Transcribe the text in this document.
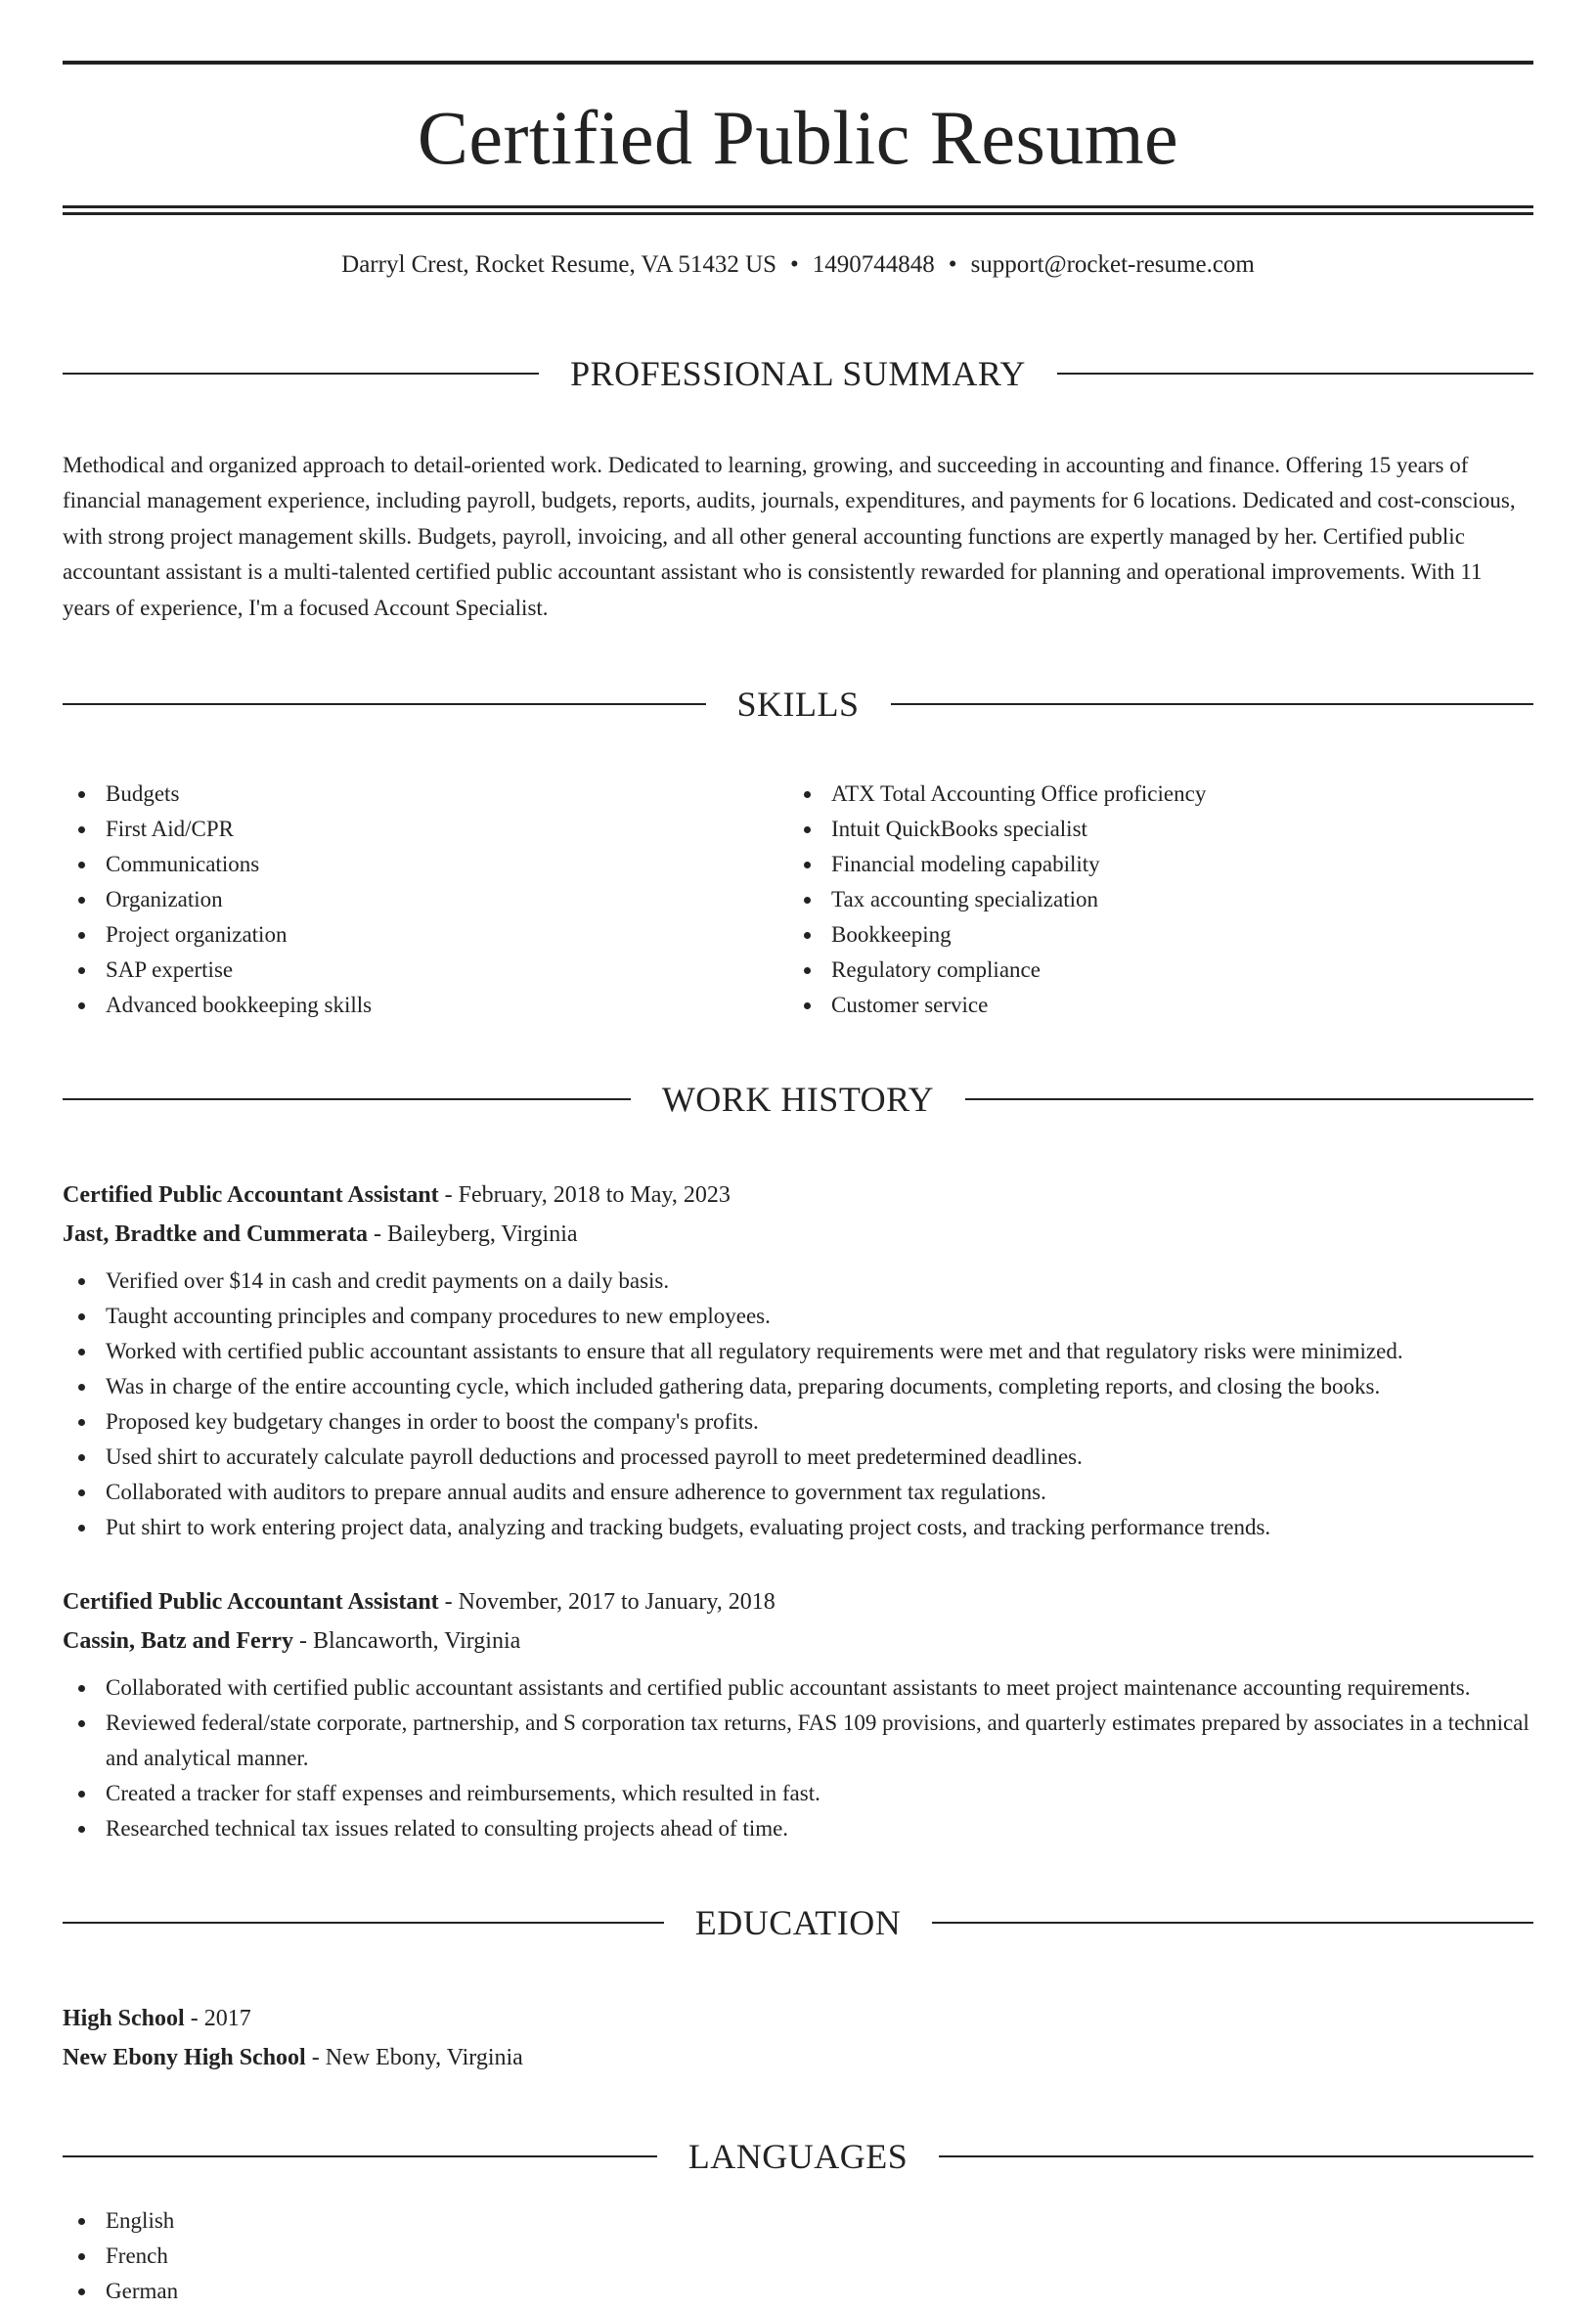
Certified Public Resume
Darryl Crest, Rocket Resume, VA 51432 US • 1490744848 • support@rocket-resume.com
PROFESSIONAL SUMMARY

Methodical and organized approach to detail-oriented work. Dedicated to learning, growing, and succeeding in accounting and finance. Offering 15 years of financial management experience, including payroll, budgets, reports, audits, journals, expenditures, and payments for 6 locations. Dedicated and cost-conscious, with strong project management skills. Budgets, payroll, invoicing, and all other general accounting functions are expertly managed by her. Certified public accountant assistant is a multi-talented certified public accountant assistant who is consistently rewarded for planning and operational improvements. With 11 years of experience, I'm a focused Account Specialist.

SKILLS
Budgets
First Aid/CPR
Communications
Organization
Project organization
SAP expertise
Advanced bookkeeping skills
ATX Total Accounting Office proficiency
Intuit QuickBooks specialist
Financial modeling capability
Tax accounting specialization
Bookkeeping
Regulatory compliance
Customer service
WORK HISTORY
Certified Public Accountant Assistant - February, 2018 to May, 2023
Jast, Bradtke and Cummerata - Baileyberg, Virginia
Verified over $14 in cash and credit payments on a daily basis.
Taught accounting principles and company procedures to new employees.
Worked with certified public accountant assistants to ensure that all regulatory requirements were met and that regulatory risks were minimized.
Was in charge of the entire accounting cycle, which included gathering data, preparing documents, completing reports, and closing the books.
Proposed key budgetary changes in order to boost the company's profits.
Used shirt to accurately calculate payroll deductions and processed payroll to meet predetermined deadlines.
Collaborated with auditors to prepare annual audits and ensure adherence to government tax regulations.
Put shirt to work entering project data, analyzing and tracking budgets, evaluating project costs, and tracking performance trends.
Certified Public Accountant Assistant - November, 2017 to January, 2018
Cassin, Batz and Ferry - Blancaworth, Virginia
Collaborated with certified public accountant assistants and certified public accountant assistants to meet project maintenance accounting requirements.
Reviewed federal/state corporate, partnership, and S corporation tax returns, FAS 109 provisions, and quarterly estimates prepared by associates in a technical and analytical manner.
Created a tracker for staff expenses and reimbursements, which resulted in fast.
Researched technical tax issues related to consulting projects ahead of time.
EDUCATION
High School - 2017
New Ebony High School - New Ebony, Virginia
LANGUAGES
English
French
German
